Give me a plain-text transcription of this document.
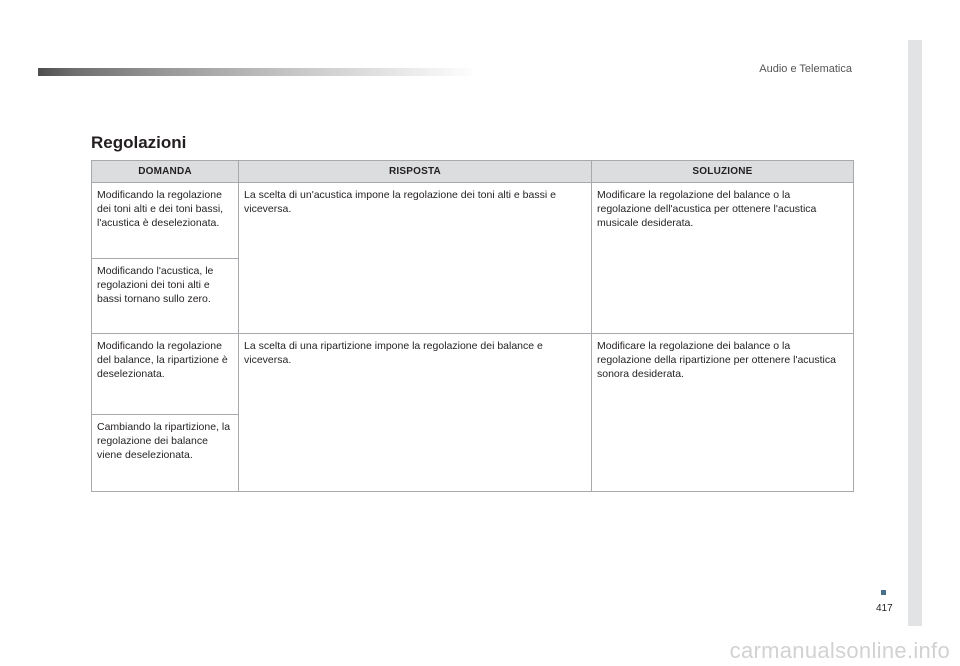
Audio e Telematica
417
Regolazioni
DOMANDA	RISPOSTA	SOLUZIONE
Modificando la regolazione dei toni alti e dei toni bassi, l'acustica è deselezionata.	La scelta di un'acustica impone la regolazione dei toni alti e bassi e viceversa.	Modificare la regolazione del balance o la regolazione dell'acustica per ottenere l'acustica musicale desiderata.
Modificando l'acustica, le regolazioni dei toni alti e bassi tornano sullo zero.		
Modificando la regolazione del balance, la ripartizione è deselezionata.	La scelta di una ripartizione impone la regolazione dei balance e viceversa.	Modificare la regolazione dei balance o la regolazione della ripartizione per ottenere l'acustica sonora desiderata.
Cambiando la ripartizione, la regolazione dei balance viene deselezionata.		
carmanualsonline.info
